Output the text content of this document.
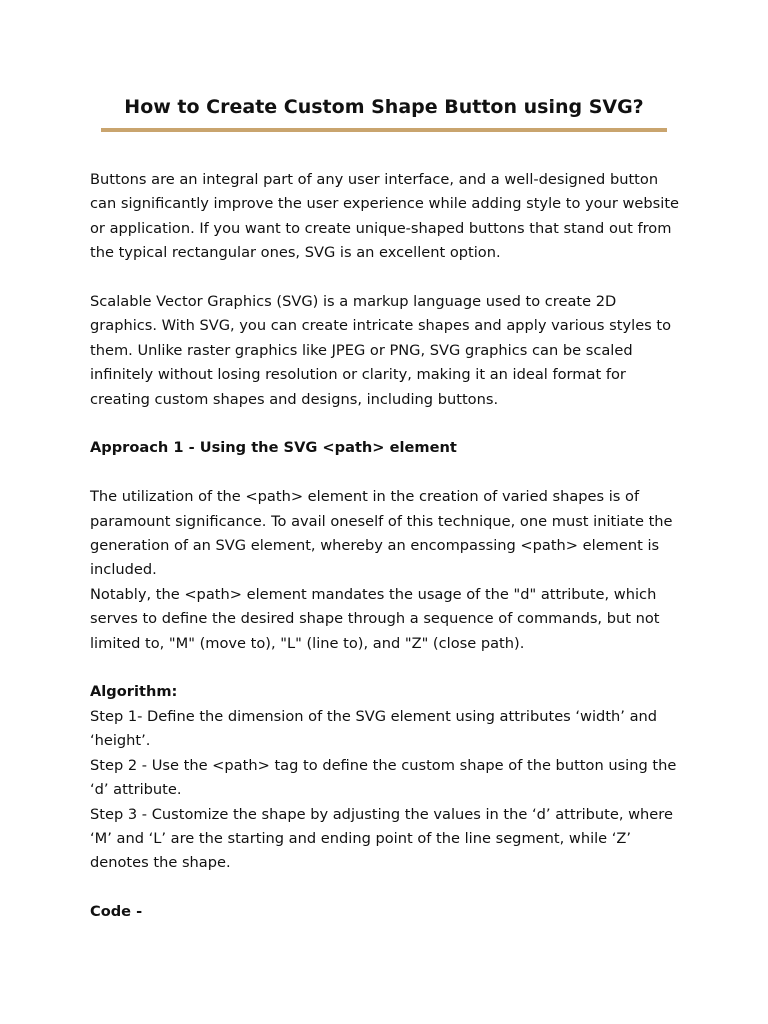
How to Create Custom Shape Button using SVG?

Buttons are an integral part of any user interface, and a well-designed button can significantly improve the user experience while adding style to your website or application. If you want to create unique-shaped buttons that stand out from the typical rectangular ones, SVG is an excellent option.

Scalable Vector Graphics (SVG) is a markup language used to create 2D graphics. With SVG, you can create intricate shapes and apply various styles to them. Unlike raster graphics like JPEG or PNG, SVG graphics can be scaled infinitely without losing resolution or clarity, making it an ideal format for creating custom shapes and designs, including buttons.

Approach 1 - Using the SVG <path> element

The utilization of the <path> element in the creation of varied shapes is of paramount significance. To avail oneself of this technique, one must initiate the generation of an SVG element, whereby an encompassing <path> element is included.

Notably, the <path> element mandates the usage of the "d" attribute, which serves to define the desired shape through a sequence of commands, but not limited to, "M" (move to), "L" (line to), and "Z" (close path).

Algorithm:

Step 1- Define the dimension of the SVG element using attributes ‘width’ and ‘height’.

Step 2 - Use the <path> tag to define the custom shape of the button using the ‘d’ attribute.

Step 3 - Customize the shape by adjusting the values in the ‘d’ attribute, where ‘M’ and ‘L’ are the starting and ending point of the line segment, while ‘Z’ denotes the shape.

Code -
